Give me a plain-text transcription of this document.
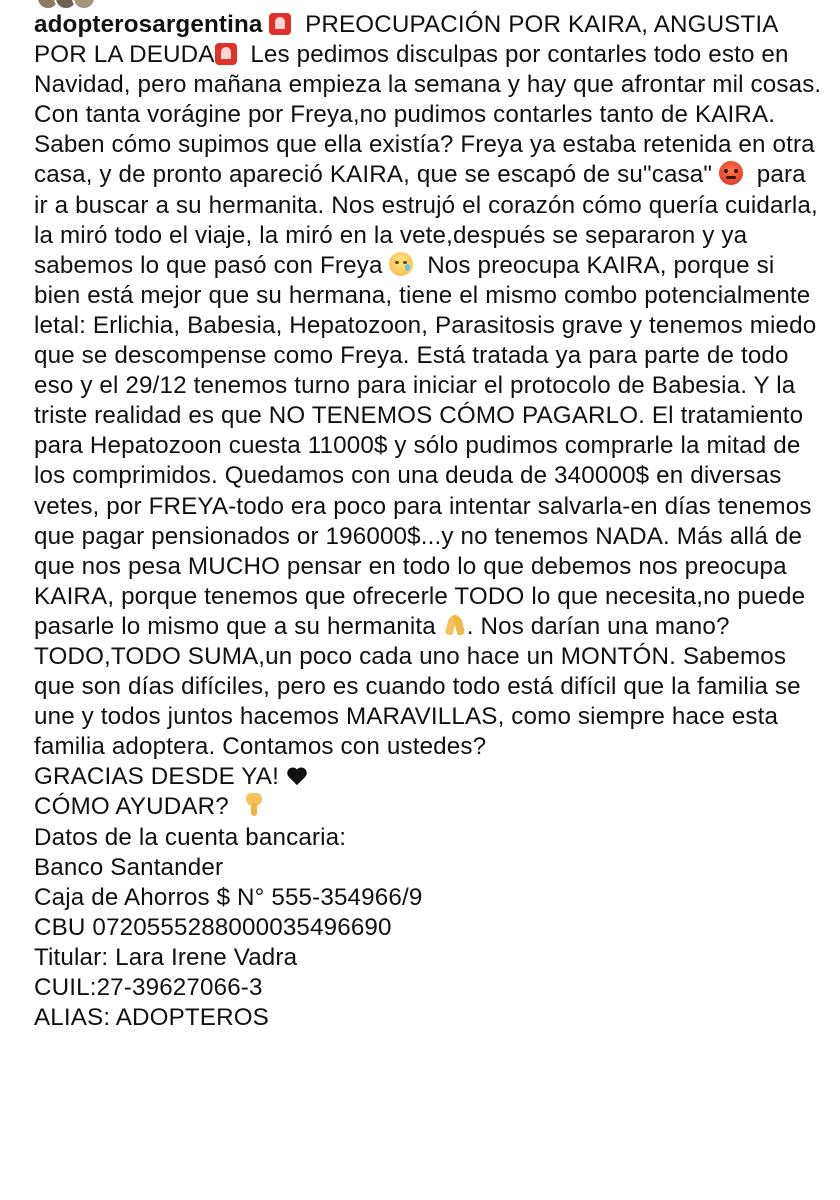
adopterosargentina PREOCUPACIÓN POR KAIRA, ANGUSTIA POR LA DEUDA Les pedimos disculpas por contarles todo esto en Navidad, pero mañana empieza la semana y hay que afrontar mil cosas. Con tanta vorágine por Freya,no pudimos contarles tanto de KAIRA. Saben cómo supimos que ella existía? Freya ya estaba retenida en otra casa, y de pronto apareció KAIRA, que se escapó de su"casa" para ir a buscar a su hermanita. Nos estrujó el corazón cómo quería cuidarla, la miró todo el viaje, la miró en la vete,después se separaron y ya sabemos lo que pasó con Freya Nos preocupa KAIRA, porque si bien está mejor que su hermana, tiene el mismo combo potencialmente letal: Erlichia, Babesia, Hepatozoon, Parasitosis grave y tenemos miedo que se descompense como Freya. Está tratada ya para parte de todo eso y el 29/12 tenemos turno para iniciar el protocolo de Babesia. Y la triste realidad es que NO TENEMOS CÓMO PAGARLO. El tratamiento para Hepatozoon cuesta 11000$ y sólo pudimos comprarle la mitad de los comprimidos. Quedamos con una deuda de 340000$ en diversas vetes, por FREYA-todo era poco para intentar salvarla-en días tenemos que pagar pensionados or 196000$...y no tenemos NADA. Más allá de que nos pesa MUCHO pensar en todo lo que debemos nos preocupa KAIRA, porque tenemos que ofrecerle TODO lo que necesita,no puede pasarle lo mismo que a su hermanita . Nos darían una mano? TODO,TODO SUMA,un poco cada uno hace un MONTÓN. Sabemos que son días difíciles, pero es cuando todo está difícil que la familia se une y todos juntos hacemos MARAVILLAS, como siempre hace esta familia adoptera. Contamos con ustedes?

GRACIAS DESDE YA!

CÓMO AYUDAR?

Datos de la cuenta bancaria:

Banco Santander

Caja de Ahorros $ N° 555-354966/9

CBU 0720555288000035496690

Titular: Lara Irene Vadra

CUIL:27-39627066-3

ALIAS: ADOPTEROS
